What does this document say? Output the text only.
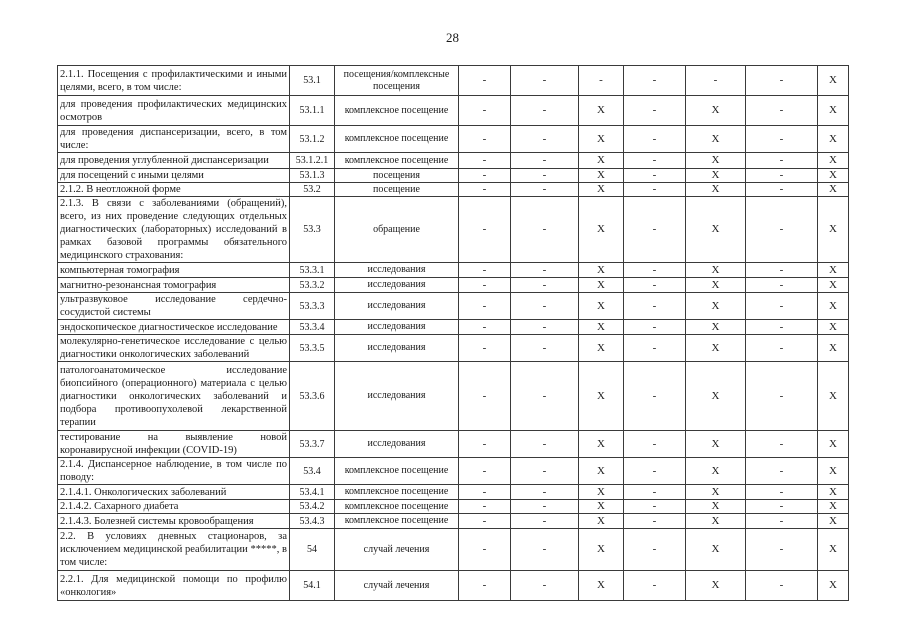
28
2.1.1. Посещения с профилактическими и иными целями, всего, в том числе:	53.1	посещения/комплексные посещения	-	-	-	-	-	-	X
для проведения профилактических медицинских осмотров	53.1.1	комплексное посещение	-	-	X	-	X	-	X
для проведения диспансеризации, всего, в том числе:	53.1.2	комплексное посещение	-	-	X	-	X	-	X
для проведения углубленной диспансеризации	53.1.2.1	комплексное посещение	-	-	X	-	X	-	X
для посещений с иными целями	53.1.3	посещения	-	-	X	-	X	-	X
2.1.2. В неотложной форме	53.2	посещение	-	-	X	-	X	-	X
2.1.3. В связи с заболеваниями (обращений), всего, из них проведение следующих отдельных диагностических (лабораторных) исследований в рамках базовой программы обязательного медицинского страхования:	53.3	обращение	-	-	X	-	X	-	X
компьютерная томография	53.3.1	исследования	-	-	X	-	X	-	X
магнитно-резонансная томография	53.3.2	исследования	-	-	X	-	X	-	X
ультразвуковое исследование сердечно-сосудистой системы	53.3.3	исследования	-	-	X	-	X	-	X
эндоскопическое диагностическое исследование	53.3.4	исследования	-	-	X	-	X	-	X
молекулярно-генетическое исследование с целью диагностики онкологических заболеваний	53.3.5	исследования	-	-	X	-	X	-	X
патологоанатомическое исследование биопсийного (операционного) материала с целью диагностики онкологических заболеваний и подбора противоопухолевой лекарственной терапии	53.3.6	исследования	-	-	X	-	X	-	X
тестирование на выявление новой коронавирусной инфекции (COVID-19)	53.3.7	исследования	-	-	X	-	X	-	X
2.1.4. Диспансерное наблюдение, в том числе по поводу:	53.4	комплексное посещение	-	-	X	-	X	-	X
2.1.4.1. Онкологических заболеваний	53.4.1	комплексное посещение	-	-	X	-	X	-	X
2.1.4.2. Сахарного диабета	53.4.2	комплексное посещение	-	-	X	-	X	-	X
2.1.4.3. Болезней системы кровообращения	53.4.3	комплексное посещение	-	-	X	-	X	-	X
2.2. В условиях дневных стационаров, за исключением медицинской реабилитации *****, в том числе:	54	случай лечения	-	-	X	-	X	-	X
2.2.1. Для медицинской помощи по профилю «онкология»	54.1	случай лечения	-	-	X	-	X	-	X
